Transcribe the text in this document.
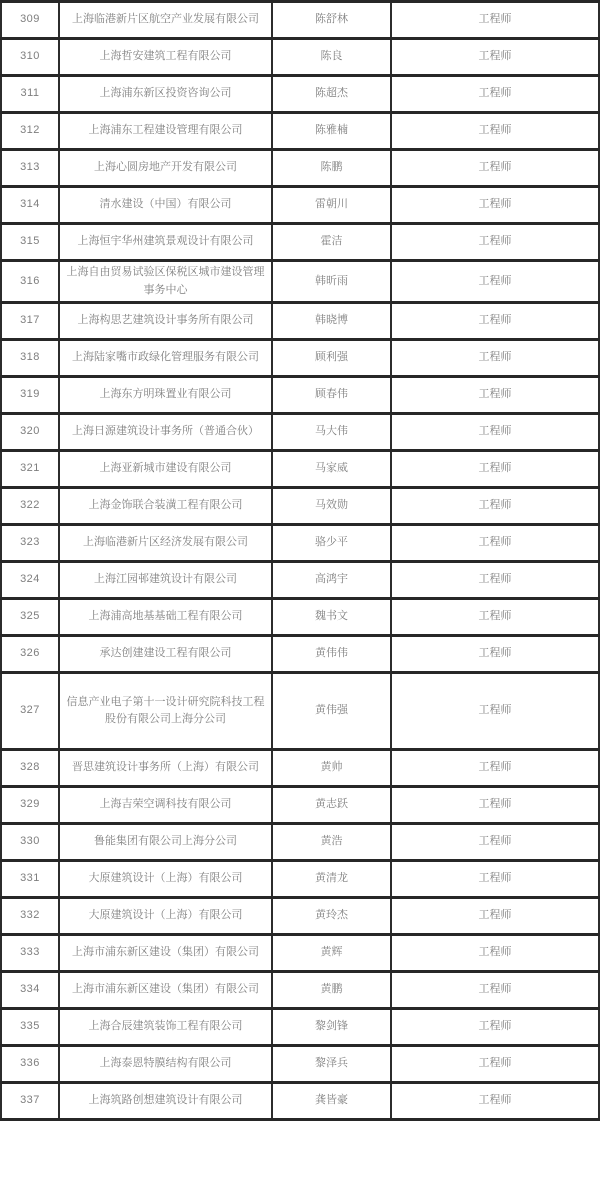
309	上海临港新片区航空产业发展有限公司	陈舒林	工程师
310	上海哲安建筑工程有限公司	陈良	工程师
311	上海浦东新区投资咨询公司	陈超杰	工程师
312	上海浦东工程建设管理有限公司	陈雅楠	工程师
313	上海心圆房地产开发有限公司	陈鹏	工程师
314	清水建设（中国）有限公司	雷朝川	工程师
315	上海恒宇华州建筑景观设计有限公司	霍洁	工程师
316	上海自由贸易试验区保税区城市建设管理事务中心	韩昕雨	工程师
317	上海构思艺建筑设计事务所有限公司	韩晓博	工程师
318	上海陆家嘴市政绿化管理服务有限公司	顾利强	工程师
319	上海东方明珠置业有限公司	顾春伟	工程师
320	上海日源建筑设计事务所（普通合伙）	马大伟	工程师
321	上海亚新城市建设有限公司	马家威	工程师
322	上海金饰联合装潢工程有限公司	马效勋	工程师
323	上海临港新片区经济发展有限公司	骆少平	工程师
324	上海江园邨建筑设计有限公司	高鸿宇	工程师
325	上海浦高地基基础工程有限公司	魏书文	工程师
326	承达创建建设工程有限公司	黄伟伟	工程师
327	信息产业电子第十一设计研究院科技工程股份有限公司上海分公司	黄伟强	工程师
328	晋思建筑设计事务所（上海）有限公司	黄帅	工程师
329	上海吉荣空调科技有限公司	黄志跃	工程师
330	鲁能集团有限公司上海分公司	黄浩	工程师
331	大原建筑设计（上海）有限公司	黄清龙	工程师
332	大原建筑设计（上海）有限公司	黄玲杰	工程师
333	上海市浦东新区建设（集团）有限公司	黄辉	工程师
334	上海市浦东新区建设（集团）有限公司	黄鹏	工程师
335	上海合辰建筑装饰工程有限公司	黎剑锋	工程师
336	上海泰恩特膜结构有限公司	黎泽兵	工程师
337	上海筑路创想建筑设计有限公司	龚皆豪	工程师
